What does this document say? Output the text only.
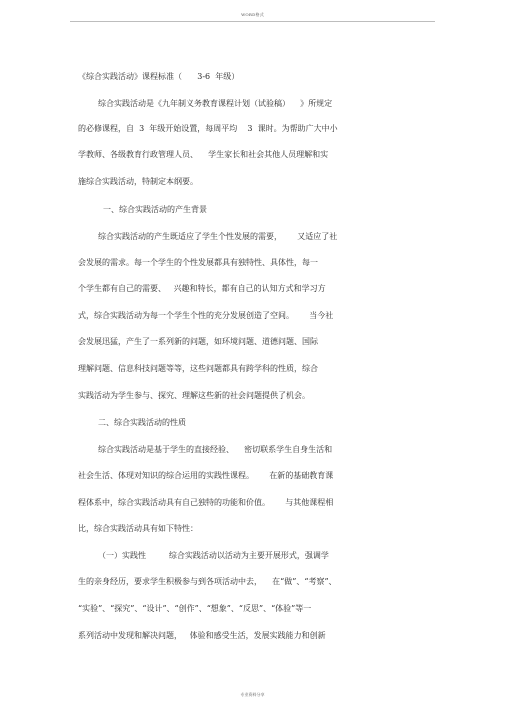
WORD格式
《综合实践活动》课程标准（      3-6  年级）
综合实践活动是《九年制义务教育课程计划（试验稿）    》所规定
的必修课程，自  3  年级开始设置，每周平均    3  课时。为帮助广大中小
学教师、各级教育行政管理人员、    学生家长和社会其他人员理解和实
施综合实践活动，特制定本纲要。
一、综合实践活动的产生背景
综合实践活动的产生既适应了学生个性发展的需要，      又适应了社
会发展的需求。每一个学生的个性发展都具有独特性、具体性，每一
个学生都有自己的需要、   兴趣和特长，都有自己的认知方式和学习方
式，综合实践活动为每一个学生个性的充分发展创造了空间。      当今社
会发展迅猛，产生了一系列新的问题，如环境问题、道德问题、国际
理解问题、信息科技问题等等，这些问题都具有跨学科的性质，综合
实践活动为学生参与、探究、理解这些新的社会问题提供了机会。
二、综合实践活动的性质
综合实践活动是基于学生的直接经验、    密切联系学生自身生活和
社会生活、体现对知识的综合运用的实践性课程。      在新的基础教育课
程体系中，综合实践活动具有自己独特的功能和价值。      与其他课程相
比，综合实践活动具有如下特性：
（一）实践性         综合实践活动以活动为主要开展形式，强调学
生的亲身经历，要求学生积极参与到各项活动中去，    在“做”、“考察”、
“实验”、“探究”、“设计”、“创作”、“想象”、“反思”、“体验”等一
系列活动中发现和解决问题，   体验和感受生活，发展实践能力和创新
专业资料分享
